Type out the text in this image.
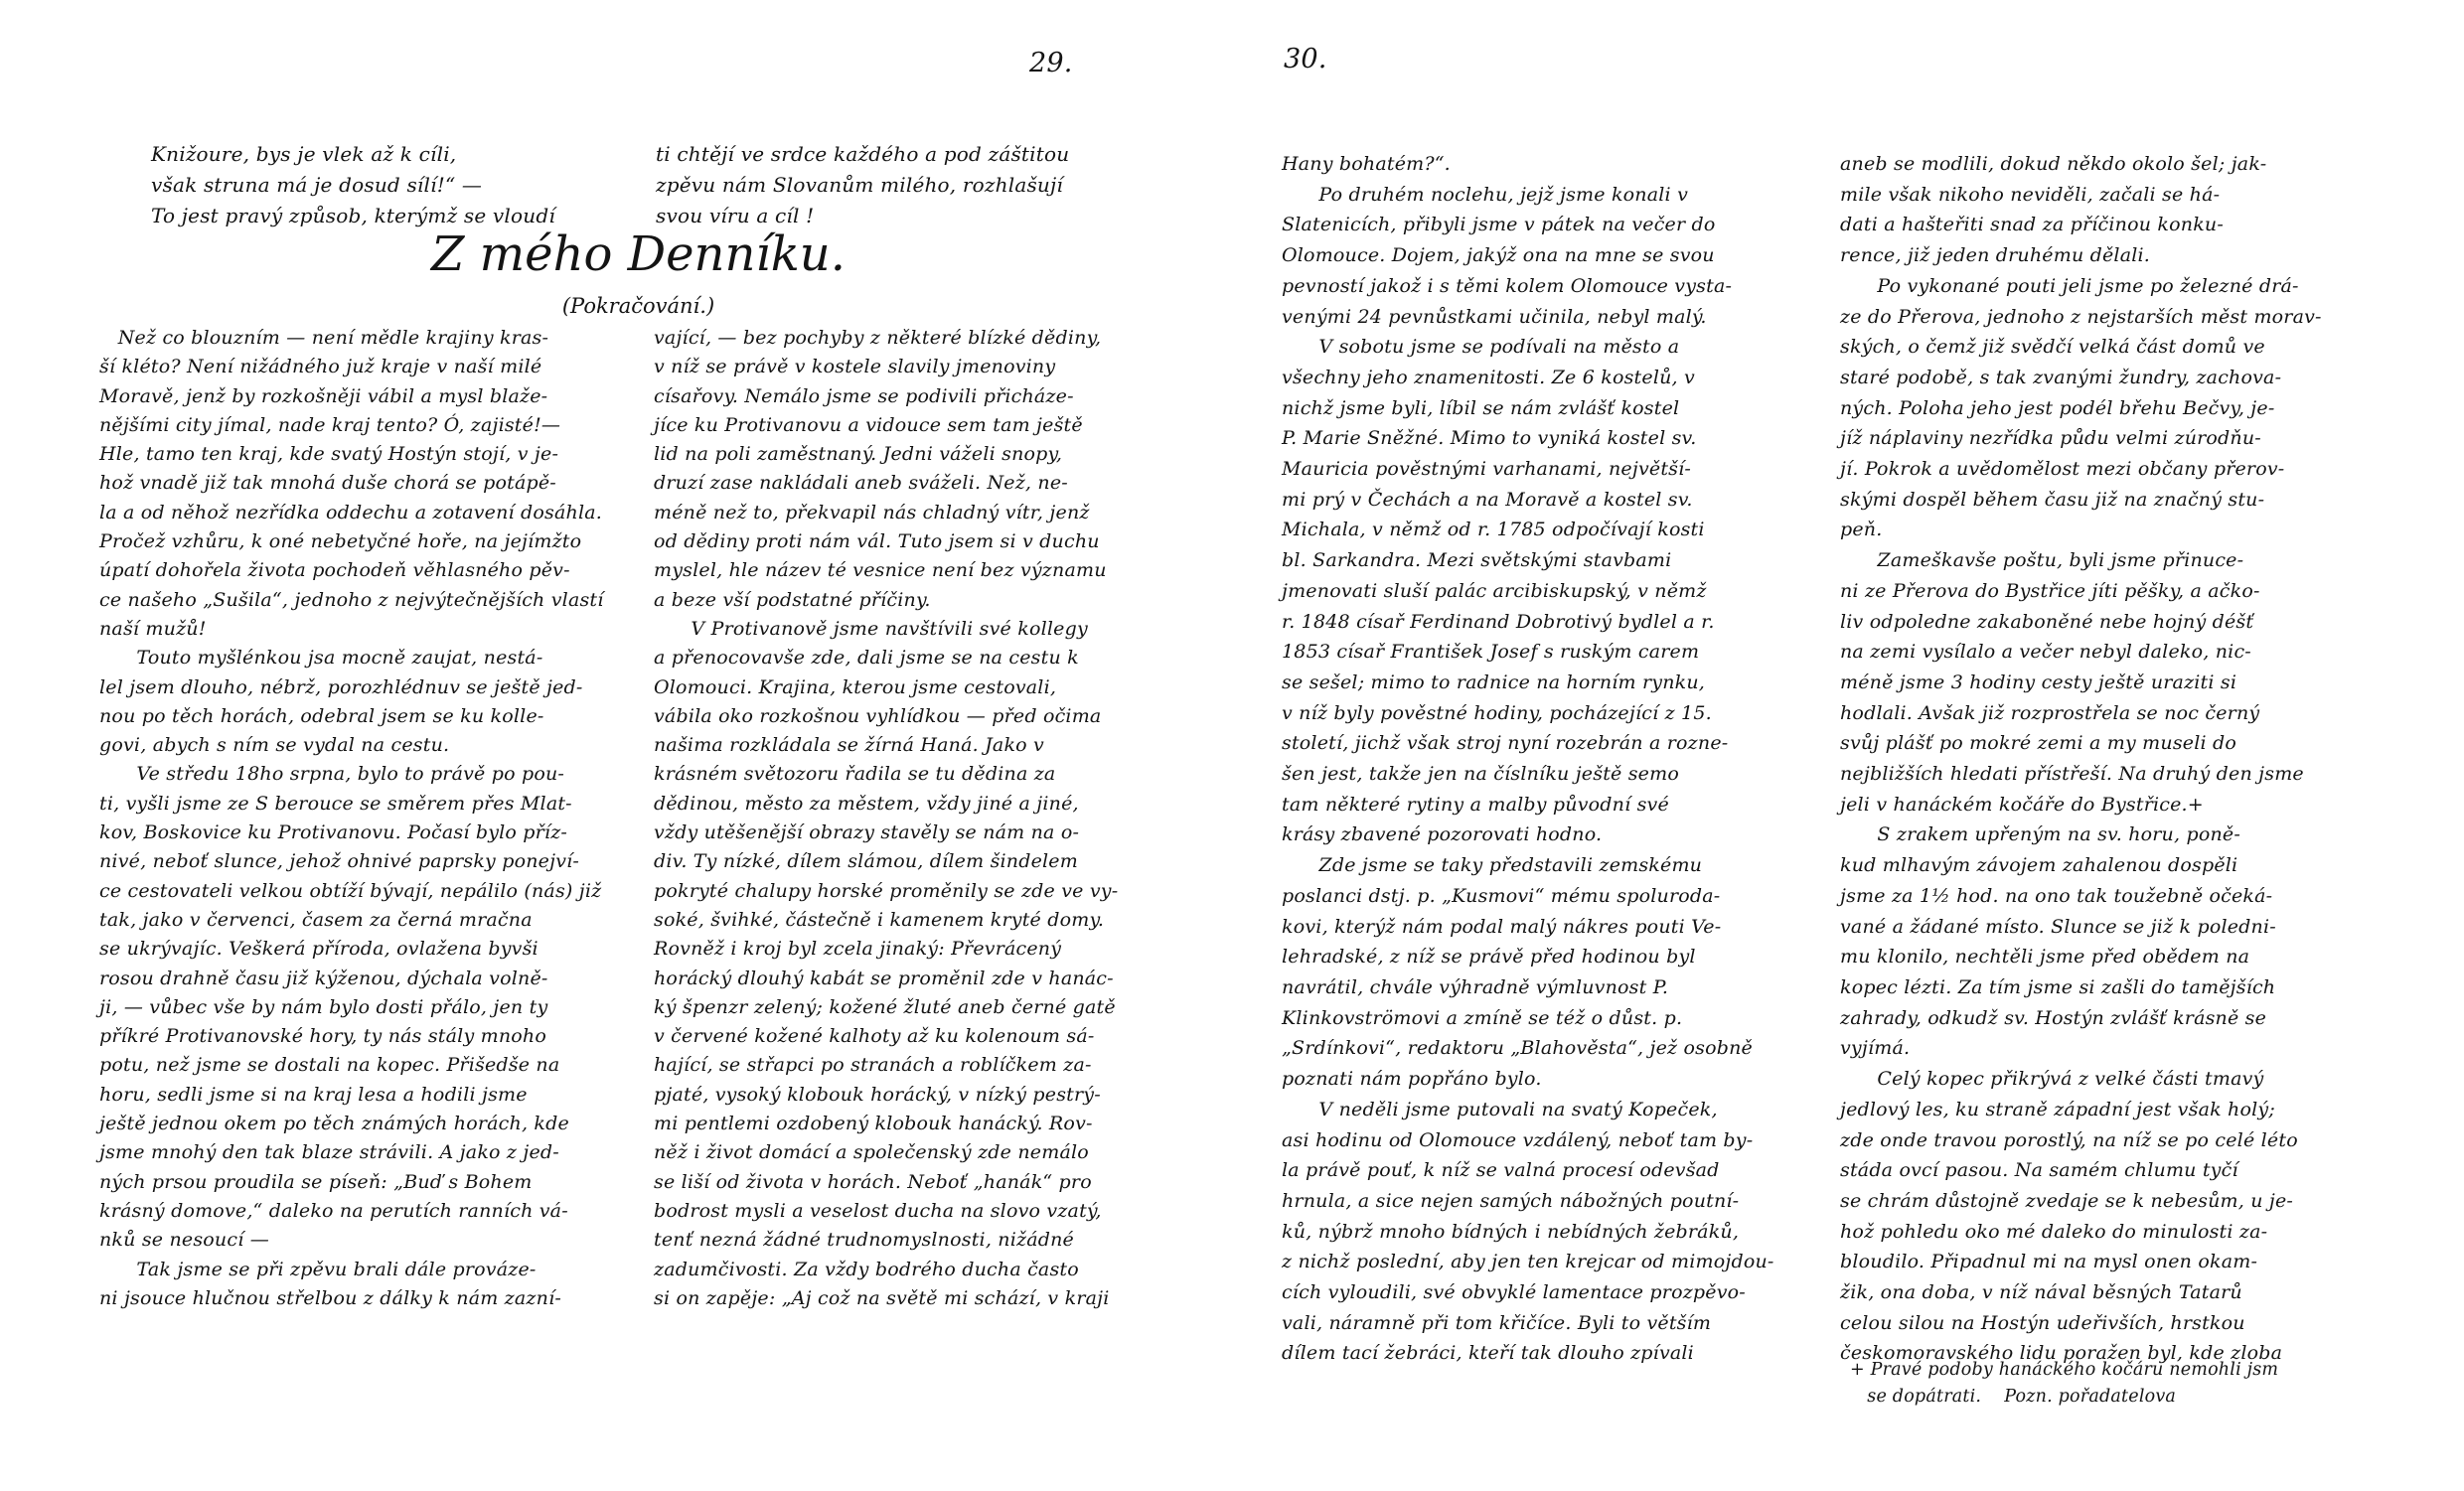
29.
Knižoure, bys je vlek až k cíli,
však struna má je dosud sílí!“ —
To jest pravý způsob, kterýmž se vloudí
ti chtějí ve srdce každého a pod záštitou
zpěvu nám Slovanům milého, rozhlašují
svou víru a cíl !
Z mého Denníku.
(Pokračování.)
Než co blouzním — není mědle krajiny kras-
ší kléto? Není nižádného juž kraje v naší milé
Moravě, jenž by rozkošněji vábil a mysl blaže-
nějšími city jímal, nade kraj tento? Ó, zajisté!—
Hle, tamo ten kraj, kde svatý Hostýn stojí, v je-
hož vnadě již tak mnohá duše chorá se potápě-
la a od něhož nezřídka oddechu a zotavení dosáhla.
Pročež vzhůru, k oné nebetyčné hoře, na jejímžto
úpatí dohořela života pochodeň věhlasného pěv-
ce našeho „Sušila“, jednoho z nejvýtečnějších vlastí
naší mužů!
Touto myšlénkou jsa mocně zaujat, nestá-
lel jsem dlouho, nébrž, porozhlédnuv se ještě jed-
nou po těch horách, odebral jsem se ku kolle-
govi, abych s ním se vydal na cestu.
Ve středu 18ho srpna, bylo to právě po pou-
ti, vyšli jsme ze S berouce se směrem přes Mlat-
kov, Boskovice ku Protivanovu. Počasí bylo příz-
nivé, neboť slunce, jehož ohnivé paprsky ponejví-
ce cestovateli velkou obtíží bývají, nepálilo (nás) již
tak, jako v červenci, časem za černá mračna
se ukrývajíc. Veškerá příroda, ovlažena byvši
rosou drahně času již kýženou, dýchala volně-
ji, — vůbec vše by nám bylo dosti přálo, jen ty
příkré Protivanovské hory, ty nás stály mnoho
potu, než jsme se dostali na kopec. Přišedše na
horu, sedli jsme si na kraj lesa a hodili jsme
ještě jednou okem po těch známých horách, kde
jsme mnohý den tak blaze strávili. A jako z jed-
ných prsou proudila se píseň: „Buď s Bohem
krásný domove,“ daleko na perutích ranních vá-
nků se nesoucí —
Tak jsme se při zpěvu brali dále prováze-
ni jsouce hlučnou střelbou z dálky k nám zazní-
vající, — bez pochyby z některé blízké dědiny,
v níž se právě v kostele slavily jmenoviny
císařovy. Nemálo jsme se podivili přicháze-
jíce ku Protivanovu a vidouce sem tam ještě
lid na poli zaměstnaný. Jedni váželi snopy,
druzí zase nakládali aneb sváželi. Než, ne-
méně než to, překvapil nás chladný vítr, jenž
od dědiny proti nám vál. Tuto jsem si v duchu
myslel, hle název té vesnice není bez významu
a beze vší podstatné příčiny.
V Protivanově jsme navštívili své kollegy
a přenocovavše zde, dali jsme se na cestu k
Olomouci. Krajina, kterou jsme cestovali,
vábila oko rozkošnou vyhlídkou — před očima
našima rozkládala se žírná Haná. Jako v
krásném světozoru řadila se tu dědina za
dědinou, město za městem, vždy jiné a jiné,
vždy utěšenější obrazy stavěly se nám na o-
div. Ty nízké, dílem slámou, dílem šindelem
pokryté chalupy horské proměnily se zde ve vy-
soké, švihké, částečně i kamenem kryté domy.
Rovněž i kroj byl zcela jinaký: Převrácený
horácký dlouhý kabát se proměnil zde v hanác-
ký špenzr zelený; kožené žluté aneb černé gatě
v červené kožené kalhoty až ku kolenoum sá-
hající, se střapci po stranách a roblíčkem za-
pjaté, vysoký klobouk horácký, v nízký pestrý-
mi pentlemi ozdobený klobouk hanácký. Rov-
něž i život domácí a společenský zde nemálo
se liší od života v horách. Neboť „hanák“ pro
bodrost mysli a veselost ducha na slovo vzatý,
tenť nezná žádné trudnomyslnosti, nižádné
zadumčivosti. Za vždy bodrého ducha často
si on zapěje: „Aj což na světě mi schází, v kraji
30.
Hany bohatém?“.
Po druhém noclehu, jejž jsme konali v
Slatenicích, přibyli jsme v pátek na večer do
Olomouce. Dojem, jakýž ona na mne se svou
pevností jakož i s těmi kolem Olomouce vysta-
venými 24 pevnůstkami učinila, nebyl malý.
V sobotu jsme se podívali na město a
všechny jeho znamenitosti. Ze 6 kostelů, v
nichž jsme byli, líbil se nám zvlášť kostel
P. Marie Sněžné. Mimo to vyniká kostel sv.
Mauricia pověstnými varhanami, největší-
mi prý v Čechách a na Moravě a kostel sv.
Michala, v němž od r. 1785 odpočívají kosti
bl. Sarkandra. Mezi světskými stavbami
jmenovati sluší palác arcibiskupský, v němž
r. 1848 císař Ferdinand Dobrotivý bydlel a r.
1853 císař František Josef s ruským carem
se sešel; mimo to radnice na horním rynku,
v níž byly pověstné hodiny, pocházející z 15.
století, jichž však stroj nyní rozebrán a rozne-
šen jest, takže jen na číslníku ještě semo
tam některé rytiny a malby původní své
krásy zbavené pozorovati hodno.
Zde jsme se taky představili zemskému
poslanci dstj. p. „Kusmovi“ mému spoluroda-
kovi, kterýž nám podal malý nákres pouti Ve-
lehradské, z níž se právě před hodinou byl
navrátil, chvále výhradně výmluvnost P.
Klinkovströmovi a zmíně se též o důst. p.
„Srdínkovi“, redaktoru „Blahověsta“, jež osobně
poznati nám popřáno bylo.
V neděli jsme putovali na svatý Kopeček,
asi hodinu od Olomouce vzdálený, neboť tam by-
la právě pouť, k níž se valná procesí odevšad
hrnula, a sice nejen samých nábožných poutní-
ků, nýbrž mnoho bídných i nebídných žebráků,
z nichž poslední, aby jen ten krejcar od mimojdou-
cích vyloudili, své obvyklé lamentace prozpěvo-
vali, náramně při tom křičíce. Byli to větším
dílem tací žebráci, kteří tak dlouho zpívali
aneb se modlili, dokud někdo okolo šel; jak-
mile však nikoho neviděli, začali se há-
dati a hašteřiti snad za příčinou konku-
rence, již jeden druhému dělali.
Po vykonané pouti jeli jsme po železné drá-
ze do Přerova, jednoho z nejstarších měst morav-
ských, o čemž již svědčí velká část domů ve
staré podobě, s tak zvanými žundry, zachova-
ných. Poloha jeho jest podél břehu Bečvy, je-
jíž náplaviny nezřídka půdu velmi zúrodňu-
jí. Pokrok a uvědomělost mezi občany přerov-
skými dospěl během času již na značný stu-
peň.
Zameškavše poštu, byli jsme přinuce-
ni ze Přerova do Bystřice jíti pěšky, a ačko-
liv odpoledne zakaboněné nebe hojný déšť
na zemi vysílalo a večer nebyl daleko, nic-
méně jsme 3 hodiny cesty ještě uraziti si
hodlali. Avšak již rozprostřela se noc černý
svůj plášť po mokré zemi a my museli do
nejbližších hledati přístřeší. Na druhý den jsme
jeli v hanáckém kočáře do Bystřice.+
S zrakem upřeným na sv. horu, poně-
kud mlhavým závojem zahalenou dospěli
jsme za 1½ hod. na ono tak toužebně očeká-
vané a žádané místo. Slunce se již k poledni-
mu klonilo, nechtěli jsme před obědem na
kopec lézti. Za tím jsme si zašli do tamějších
zahrady, odkudž sv. Hostýn zvlášť krásně se
vyjímá.
Celý kopec přikrývá z velké části tmavý
jedlový les, ku straně západní jest však holý;
zde onde travou porostlý, na níž se po celé léto
stáda ovcí pasou. Na samém chlumu tyčí
se chrám důstojně zvedaje se k nebesům, u je-
hož pohledu oko mé daleko do minulosti za-
bloudilo. Připadnul mi na mysl onen okam-
žik, ona doba, v níž nával běsných Tatarů
celou silou na Hostýn udeřivších, hrstkou
českomoravského lidu poražen byl, kde zloba
+ Pravé podoby hanáckého kočáru nemohli jsm
se dopátrati.    Pozn. pořadatelova
